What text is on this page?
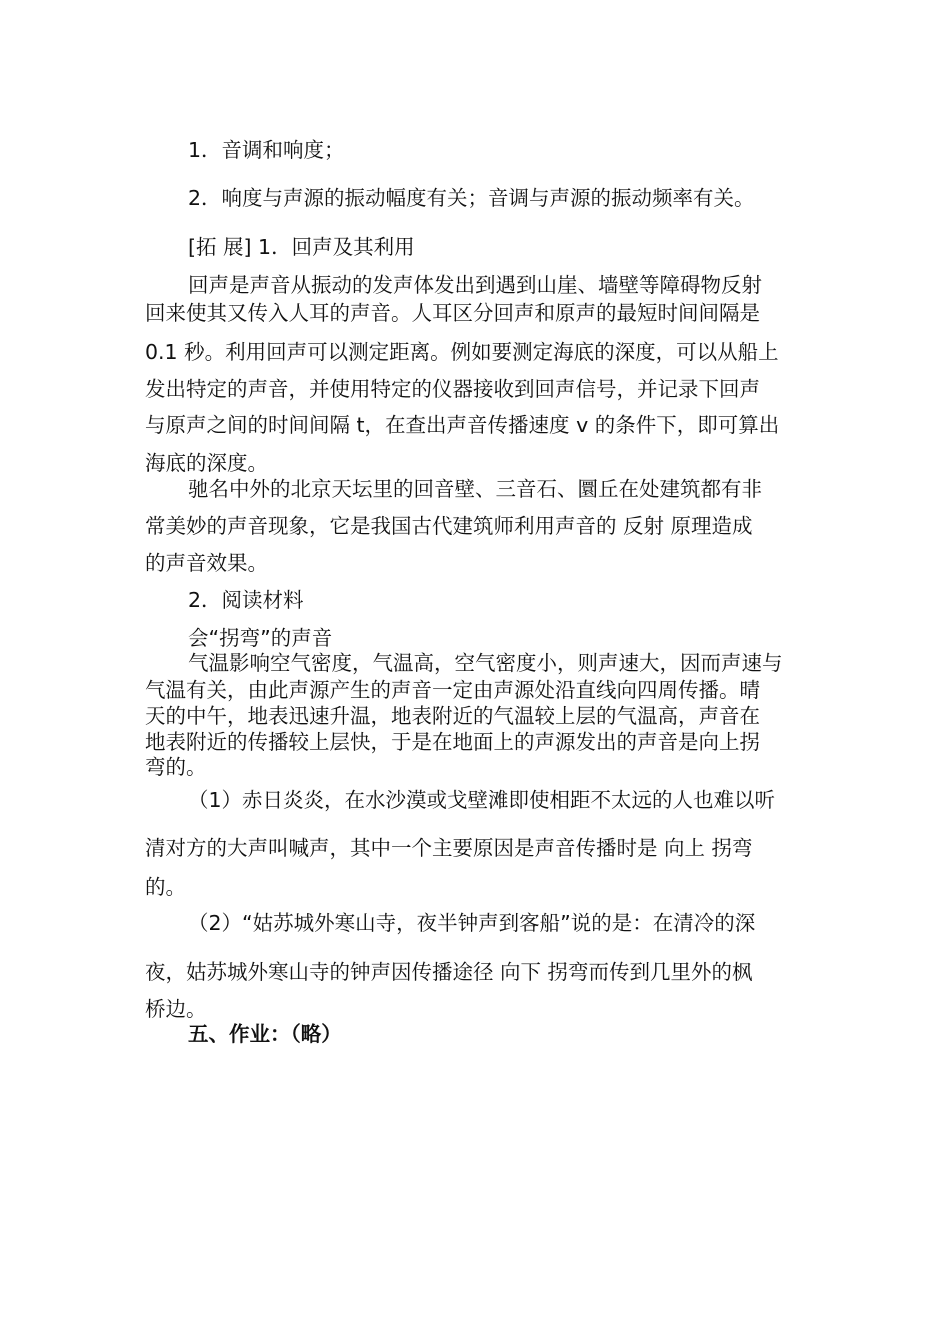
1．音调和响度；
2．响度与声源的振动幅度有关；音调与声源的振动频率有关。
[拓 展] 1．回声及其利用
回声是声音从振动的发声体发出到遇到山崖、墙壁等障碍物反射
回来使其又传入人耳的声音。人耳区分回声和原声的最短时间间隔是
0.1 秒。利用回声可以测定距离。例如要测定海底的深度，可以从船上
发出特定的声音，并使用特定的仪器接收到回声信号，并记录下回声
与原声之间的时间间隔 t，在查出声音传播速度 v 的条件下，即可算出
海底的深度。
驰名中外的北京天坛里的回音壁、三音石、圜丘在处建筑都有非
常美妙的声音现象，它是我国古代建筑师利用声音的 反射 原理造成
的声音效果。
2．阅读材料
会“拐弯”的声音
气温影响空气密度，气温高，空气密度小，则声速大，因而声速与
气温有关，由此声源产生的声音一定由声源处沿直线向四周传播。晴
天的中午，地表迅速升温，地表附近的气温较上层的气温高，声音在
地表附近的传播较上层快，于是在地面上的声源发出的声音是向上拐
弯的。
（1）赤日炎炎，在水沙漠或戈壁滩即使相距不太远的人也难以听
清对方的大声叫喊声，其中一个主要原因是声音传播时是 向上 拐弯
的。
（2）“姑苏城外寒山寺，夜半钟声到客船”说的是：在清冷的深
夜，姑苏城外寒山寺的钟声因传播途径 向下 拐弯而传到几里外的枫
桥边。
五、作业：（略）
